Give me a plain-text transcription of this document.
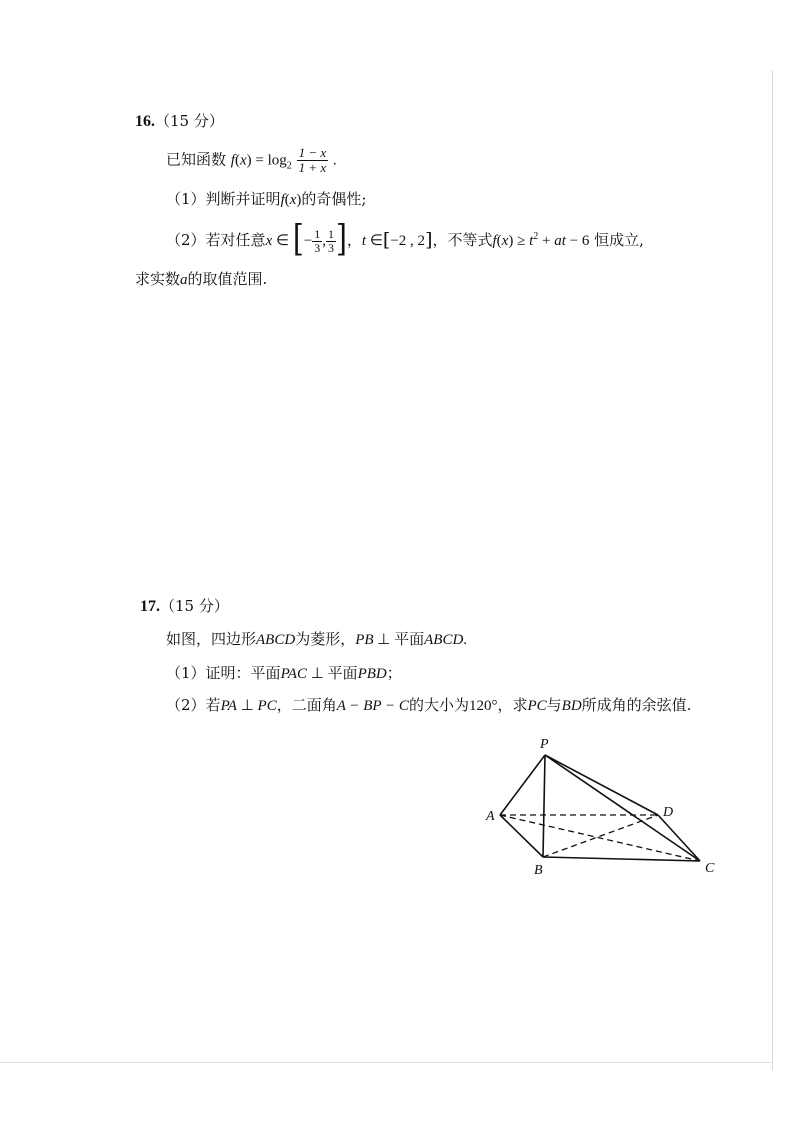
16.（15 分）
已知函数 $f(x) = \log_2 \frac{1 - x}{1 + x}$ .
（1）判断并证明f(x)的奇偶性;
（2）若对任意x ∈ [− $\frac{1}{3}$ , $\frac{1}{3}$ ]，t ∈[−2 , 2]，不等式$f(x) \ge t^2$ + at − 6 恒成立,
求实数a的取值范围.
17.（15 分）
如图，四边形ABCD为菱形，PB ⊥ 平面ABCD.
（1）证明：平面PAC ⊥ 平面PBD；
（2）若PA ⊥ PC，二面角A − BP − C的大小为120°，求PC与BD所成角的余弦值.
P
A
B	C
D
